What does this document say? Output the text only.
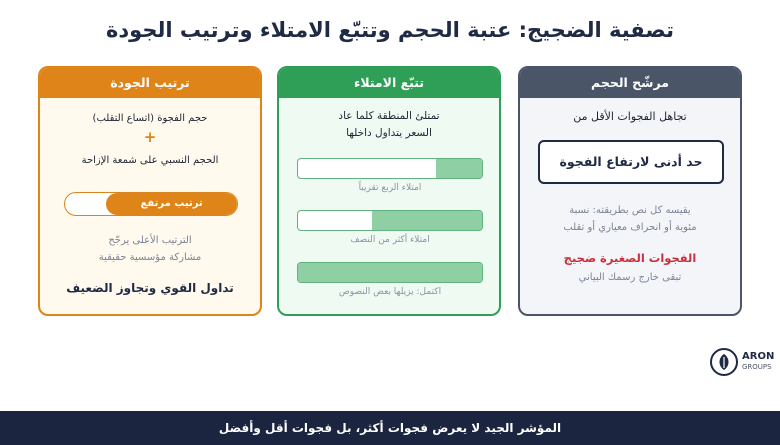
تصفية الضجيج: عتبة الحجم وتتبّع الامتلاء وترتيب الجودة
مرشّح الحجم
تجاهل الفجوات الأقل من
حد أدنى لارتفاع الفجوة
يقيسه كل نص بطريقته: نسبة
مئوية أو انحراف معياري أو تقلب
الفجوات الصغيرة ضجيج
تبقى خارج رسمك البياني
تتبّع الامتلاء
تمتلئ المنطقة كلما عاد
السعر يتداول داخلها
امتلاء الربع تقريباً
امتلاء أكثر من النصف
اكتمل: يزيلها بعض النصوص
ترتيب الجودة
حجم الفجوة (اتساع التقلب)
+
الحجم النسبي على شمعة الإزاحة
ترتيب مرتفع
الترتيب الأعلى يرجّح
مشاركة مؤسسية حقيقية
تداول القوي وتجاوز الضعيف
ARON
GROUPS
المؤشر الجيد لا يعرض فجوات أكثر، بل فجوات أقل وأفضل
